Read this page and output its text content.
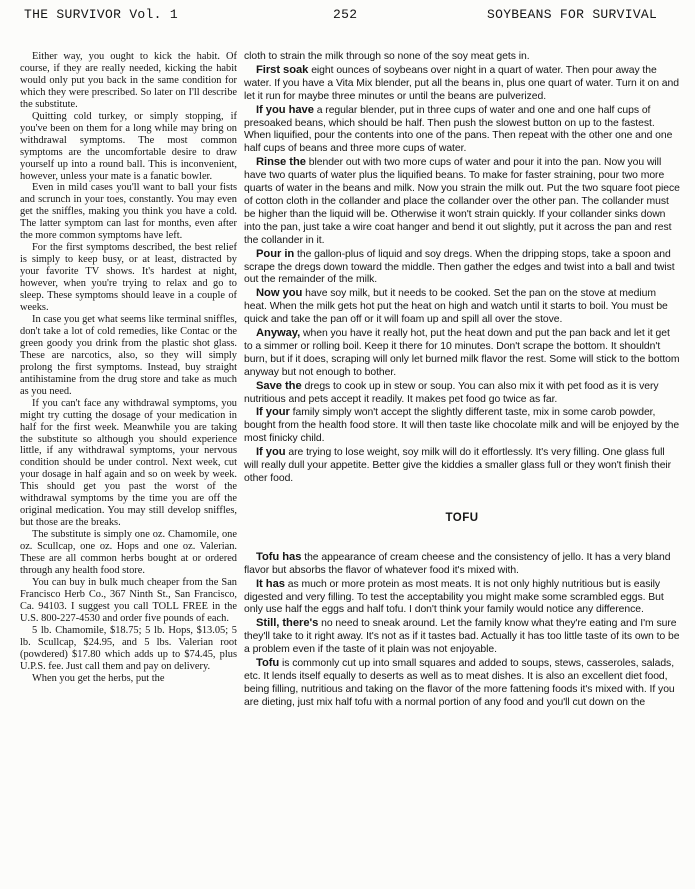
THE SURVIVOR Vol. 1	252	SOYBEANS FOR SURVIVAL

Either way, you ought to kick the habit. Of course, if they are really needed, kicking the habit would only put you back in the same condition for which they were prescribed. So later on I'll describe the substitute.

Quitting cold turkey, or simply stopping, if you've been on them for a long while may bring on withdrawal symptoms. The most common symptoms are the uncomfortable desire to draw yourself up into a round ball. This is inconvenient, however, unless your mate is a fanatic bowler.

Even in mild cases you'll want to ball your fists and scrunch in your toes, constantly. You may even get the sniffles, making you think you have a cold. The latter symptom can last for months, even after the more common symptoms have left.

For the first symptoms described, the best relief is simply to keep busy, or at least, distracted by your favorite TV shows. It's hardest at night, however, when you're trying to relax and go to sleep. These symptoms should leave in a couple of weeks.

In case you get what seems like terminal sniffles, don't take a lot of cold remedies, like Contac or the green goody you drink from the plastic shot glass. These are narcotics, also, so they will simply prolong the first symptoms. Instead, buy straight antihistamine from the drug store and take as much as you need.

If you can't face any withdrawal symptoms, you might try cutting the dosage of your medication in half for the first week. Meanwhile you are taking the substitute so although you should experience little, if any withdrawal symptoms, your nervous condition should be under control. Next week, cut your dosage in half again and so on week by week. This should get you past the worst of the withdrawal symptoms by the time you are off the original medication. You may still develop sniffles, but those are the breaks.

The substitute is simply one oz. Chamomile, one oz. Scullcap, one oz. Hops and one oz. Valerian. These are all common herbs bought at or ordered through any health food store.

You can buy in bulk much cheaper from the San Francisco Herb Co., 367 Ninth St., San Francisco, Ca. 94103. I suggest you call TOLL FREE in the U.S. 800-227-4530 and order five pounds of each.

5 lb. Chamomile, $18.75; 5 lb. Hops, $13.05; 5 lb. Scullcap, $24.95, and 5 lbs. Valerian root (powdered) $17.80 which adds up to $74.45, plus U.P.S. fee. Just call them and pay on delivery.

When you get the herbs, put the

cloth to strain the milk through so none of the soy meat gets in.

First soak eight ounces of soybeans over night in a quart of water. Then pour away the water. If you have a Vita Mix blender, put all the beans in, plus one quart of water. Turn it on and let it run for maybe three minutes or until the beans are pulverized.

If you have a regular blender, put in three cups of water and one and one half cups of presoaked beans, which should be half. Then push the slowest button on up to the fastest. When liquified, pour the contents into one of the pans. Then repeat with the other one and one half cups of beans and three more cups of water.

Rinse the blender out with two more cups of water and pour it into the pan. Now you will have two quarts of water plus the liquified beans. To make for faster straining, pour two more quarts of water in the beans and milk. Now you strain the milk out. Put the two square foot piece of cotton cloth in the collander and place the collander over the other pan. The collander must be higher than the liquid will be. Otherwise it won't strain quickly. If your collander sinks down into the pan, just take a wire coat hanger and bend it out slightly, put it across the pan and rest the collander in it.

Pour in the gallon-plus of liquid and soy dregs. When the dripping stops, take a spoon and scrape the dregs down toward the middle. Then gather the edges and twist into a ball and twist out the remainder of the milk.

Now you have soy milk, but it needs to be cooked. Set the pan on the stove at medium heat. When the milk gets hot put the heat on high and watch until it starts to boil. You must be quick and take the pan off or it will foam up and spill all over the stove.

Anyway, when you have it really hot, put the heat down and put the pan back and let it get to a simmer or rolling boil. Keep it there for 10 minutes. Don't scrape the bottom. It shouldn't burn, but if it does, scraping will only let burned milk flavor the rest. Some will stick to the bottom anyway but not enough to bother.

Save the dregs to cook up in stew or soup. You can also mix it with pet food as it is very nutritious and pets accept it readily. It makes pet food go twice as far.

If your family simply won't accept the slightly different taste, mix in some carob powder, bought from the health food store. It will then taste like chocolate milk and will be enjoyed by the most finicky child.

If you are trying to lose weight, soy milk will do it effortlessly. It's very filling. One glass full will really dull your appetite. Better give the kiddies a smaller glass full or they won't finish their other food.

TOFU

Tofu has the appearance of cream cheese and the consistency of jello. It has a very bland flavor but absorbs the flavor of whatever food it's mixed with.

It has as much or more protein as most meats. It is not only highly nutritious but is easily digested and very filling. To test the acceptability you might make some scrambled eggs. But only use half the eggs and half tofu. I don't think your family would notice any difference.

Still, there's no need to sneak around. Let the family know what they're eating and I'm sure they'll take to it right away. It's not as if it tastes bad. Actually it has too little taste of its own to be a problem even if the taste of it plain was not enjoyable.

Tofu is commonly cut up into small squares and added to soups, stews, casseroles, salads, etc. It lends itself equally to deserts as well as to meat dishes. It is also an excellent diet food, being filling, nutritious and taking on the flavor of the more fattening foods it's mixed with. If you are dieting, just mix half tofu with a normal portion of any food and you'll cut down on the
